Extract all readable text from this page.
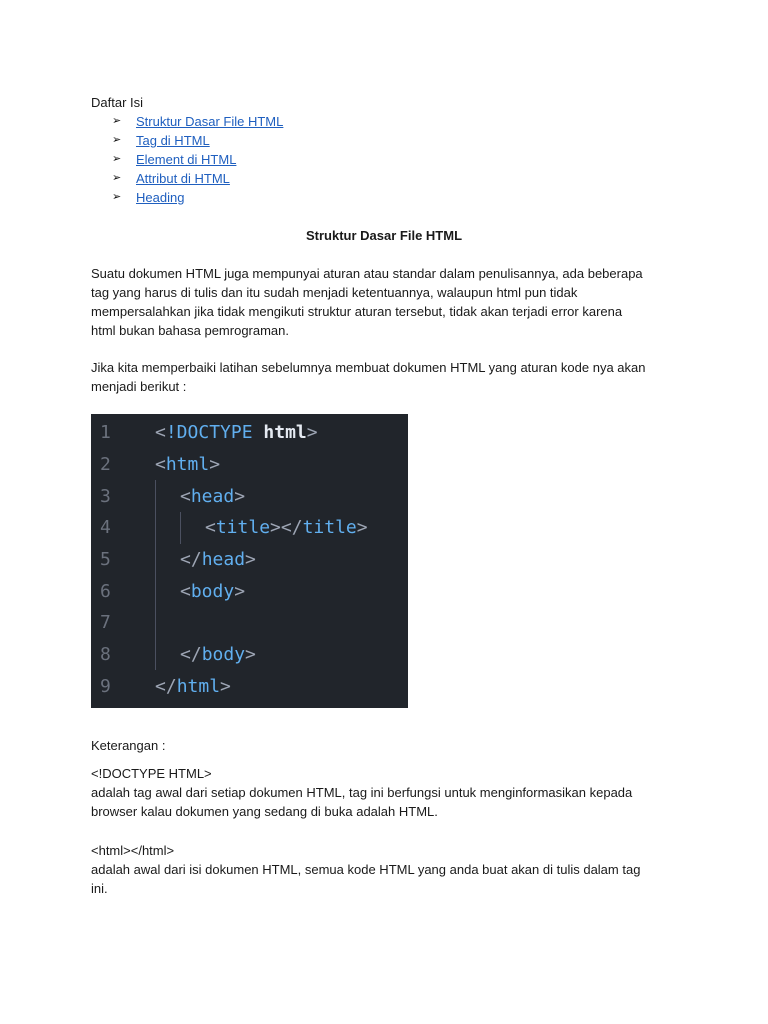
Daftar Isi
➢	Struktur Dasar File HTML
➢	Tag di HTML
➢	Element di HTML
➢	Attribut di HTML
➢	Heading
Struktur Dasar File HTML

Suatu dokumen HTML juga mempunyai aturan atau standar dalam penulisannya, ada beberapa

tag yang harus di tulis dan itu sudah menjadi ketentuannya, walaupun html pun tidak

mempersalahkan jika tidak mengikuti struktur aturan tersebut, tidak akan terjadi error karena

html bukan bahasa pemrograman.

Jika kita memperbaiki latihan sebelumnya membuat dokumen HTML yang aturan kode nya akan

menjadi berikut :

1
2
3
4
5
6
7
8
9
<!DOCTYPE html>
<html>
<head>
<title></title>
</head>
<body>
</body>
</html>
Keterangan :

<!DOCTYPE HTML>

adalah tag awal dari setiap dokumen HTML, tag ini berfungsi untuk menginformasikan kepada

browser kalau dokumen yang sedang di buka adalah HTML.

<html></html>

adalah awal dari isi dokumen HTML, semua kode HTML yang anda buat akan di tulis dalam tag

ini.
